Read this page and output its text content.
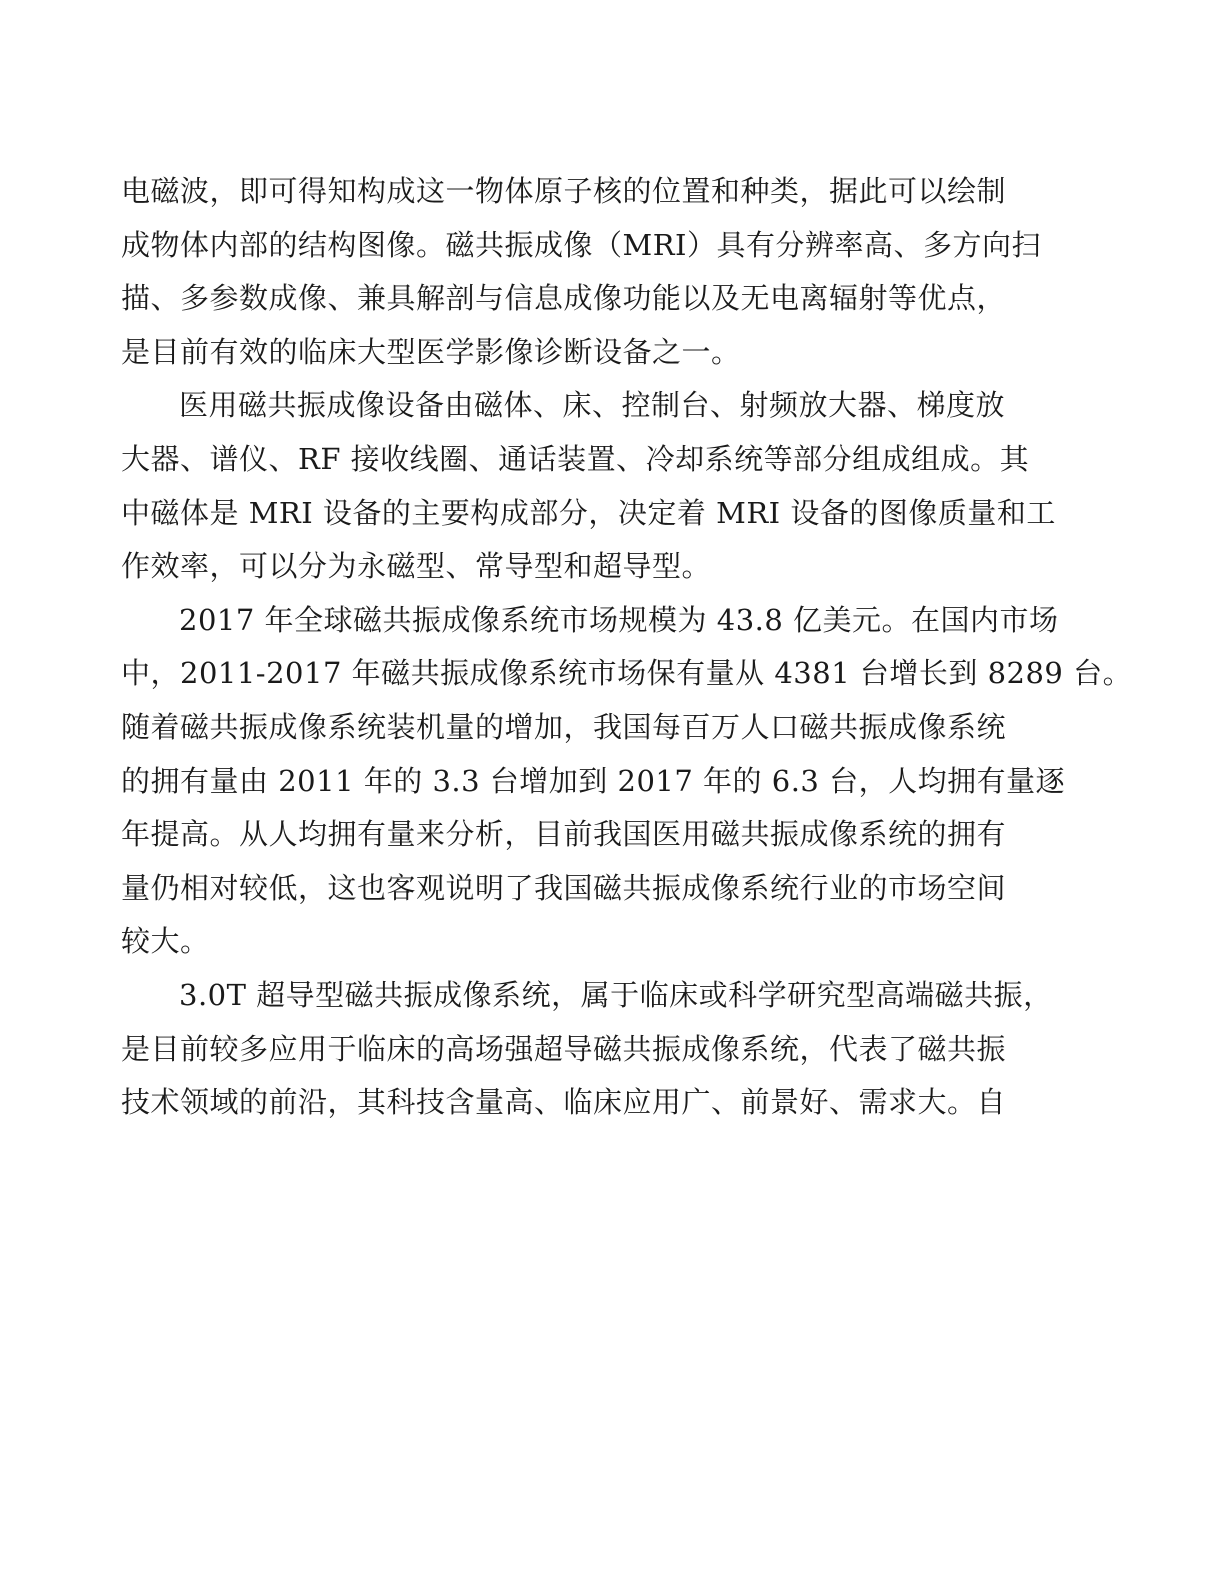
电磁波，即可得知构成这一物体原子核的位置和种类，据此可以绘制
成物体内部的结构图像。磁共振成像（MRI）具有分辨率高、多方向扫
描、多参数成像、兼具解剖与信息成像功能以及无电离辐射等优点，
是目前有效的临床大型医学影像诊断设备之一。
医用磁共振成像设备由磁体、床、控制台、射频放大器、梯度放
大器、谱仪、RF 接收线圈、通话装置、冷却系统等部分组成组成。其
中磁体是 MRI 设备的主要构成部分，决定着 MRI 设备的图像质量和工
作效率，可以分为永磁型、常导型和超导型。
2017 年全球磁共振成像系统市场规模为 43.8 亿美元。在国内市场
中，2011-2017 年磁共振成像系统市场保有量从 4381 台增长到 8289 台。
随着磁共振成像系统装机量的增加，我国每百万人口磁共振成像系统
的拥有量由 2011 年的 3.3 台增加到 2017 年的 6.3 台，人均拥有量逐
年提高。从人均拥有量来分析，目前我国医用磁共振成像系统的拥有
量仍相对较低，这也客观说明了我国磁共振成像系统行业的市场空间
较大。
3.0T 超导型磁共振成像系统，属于临床或科学研究型高端磁共振，
是目前较多应用于临床的高场强超导磁共振成像系统，代表了磁共振
技术领域的前沿，其科技含量高、临床应用广、前景好、需求大。自
